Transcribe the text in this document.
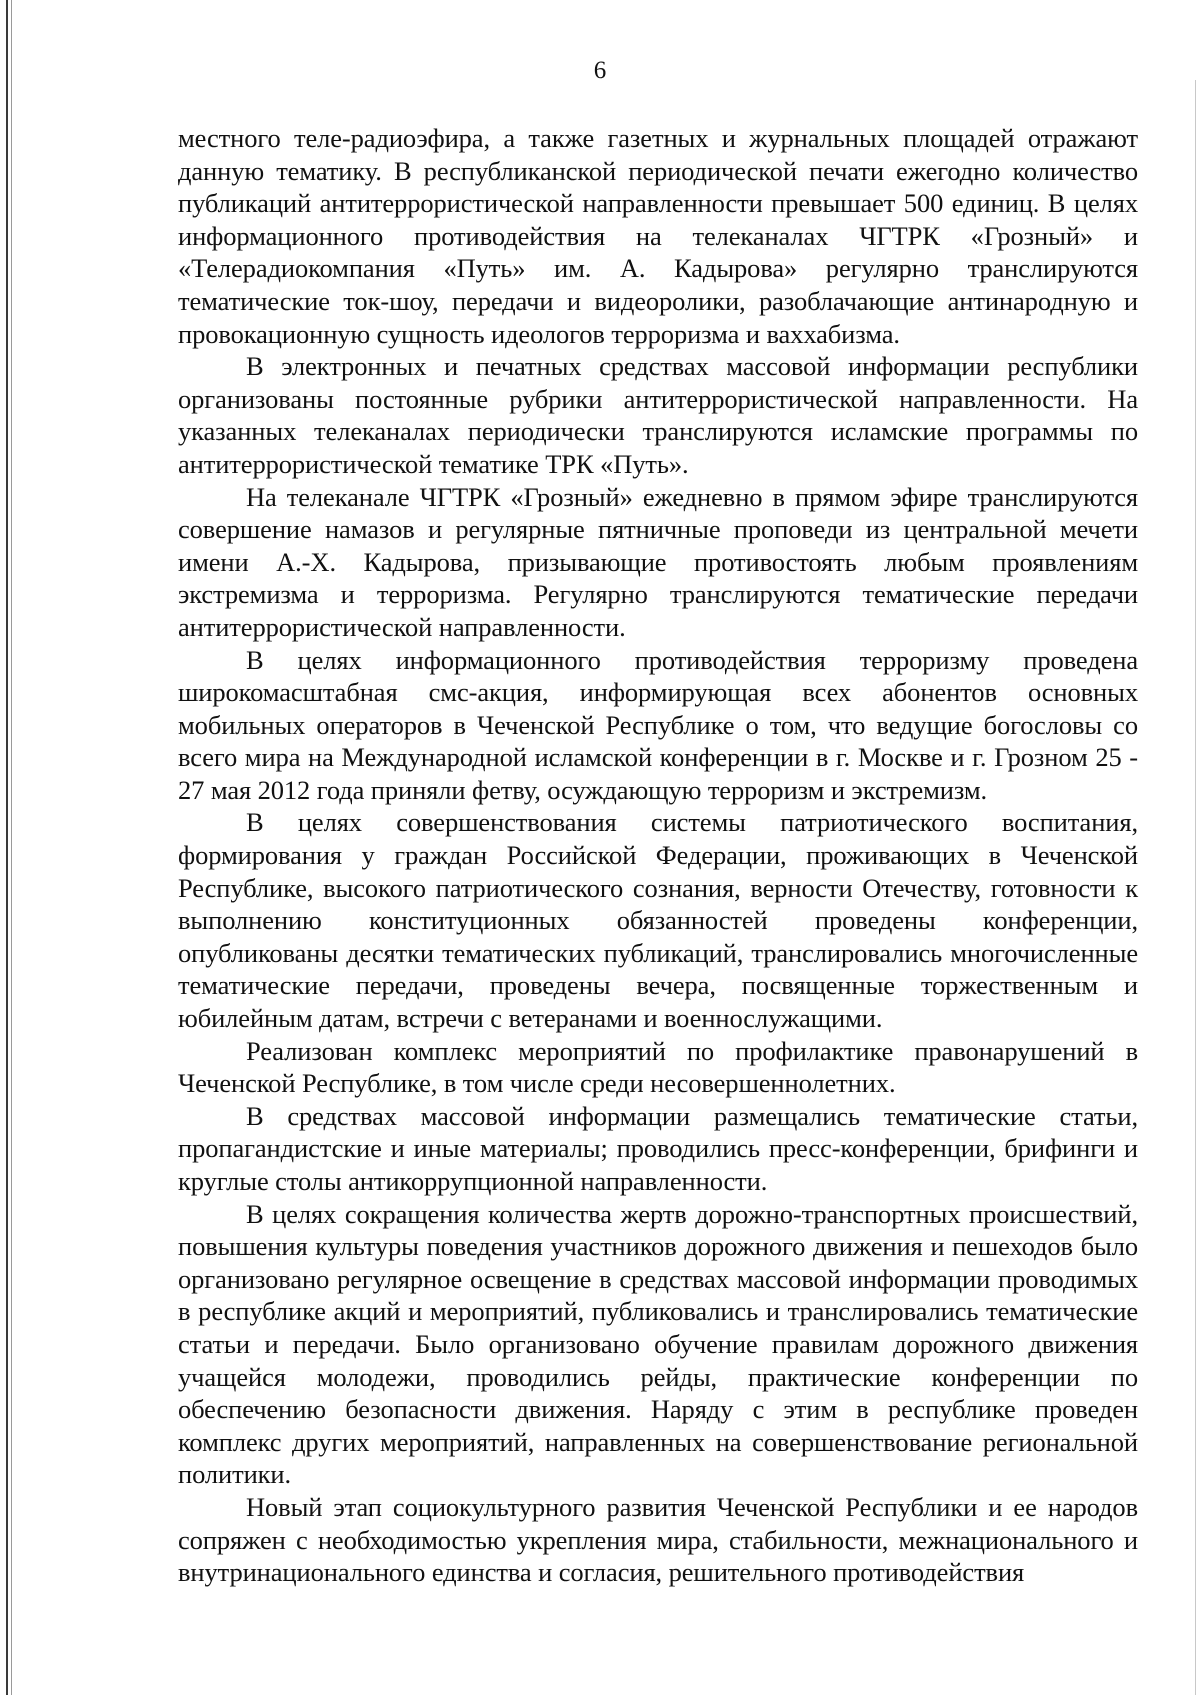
6

местного теле-радиоэфира, а также газетных и журнальных площадей отражают данную тематику. В республиканской периодической печати ежегодно количество публикаций антитеррористической направленности превышает 500 единиц. В целях информационного противодействия на телеканалах ЧГТРК «Грозный» и «Телерадиокомпания «Путь» им. А. Кадырова» регулярно транслируются тематические ток-шоу, передачи и видеоролики, разоблачающие антинародную и провокационную сущность идеологов терроризма и ваххабизма.

В электронных и печатных средствах массовой информации республики организованы постоянные рубрики антитеррористической направленности. На указанных телеканалах периодически транслируются исламские программы по антитеррористической тематике ТРК «Путь».

На телеканале ЧГТРК «Грозный» ежедневно в прямом эфире транслируются совершение намазов и регулярные пятничные проповеди из центральной мечети имени А.-Х. Кадырова, призывающие противостоять любым проявлениям экстремизма и терроризма. Регулярно транслируются тематические передачи антитеррористической направленности.

В целях информационного противодействия терроризму проведена широкомасштабная смс-акция, информирующая всех абонентов основных мобильных операторов в Чеченской Республике о том, что ведущие богословы со всего мира на Международной исламской конференции в г. Москве и г. Грозном 25 - 27 мая 2012 года приняли фетву, осуждающую терроризм и экстремизм.

В целях совершенствования системы патриотического воспитания, формирования у граждан Российской Федерации, проживающих в Чеченской Республике, высокого патриотического сознания, верности Отечеству, готовности к выполнению конституционных обязанностей проведены конференции, опубликованы десятки тематических публикаций, транслировались многочисленные тематические передачи, проведены вечера, посвященные торжественным и юбилейным датам, встречи с ветеранами и военнослужащими.

Реализован комплекс мероприятий по профилактике правонарушений в Чеченской Республике, в том числе среди несовершеннолетних.

В средствах массовой информации размещались тематические статьи, пропагандистские и иные материалы; проводились пресс-конференции, брифинги и круглые столы антикоррупционной направленности.

В целях сокращения количества жертв дорожно-транспортных происшествий, повышения культуры поведения участников дорожного движения и пешеходов было организовано регулярное освещение в средствах массовой информации проводимых в республике акций и мероприятий, публиковались и транслировались тематические статьи и передачи. Было организовано обучение правилам дорожного движения учащейся молодежи, проводились рейды, практические конференции по обеспечению безопасности движения. Наряду с этим в республике проведен комплекс других мероприятий, направленных на совершенствование региональной политики.

Новый этап социокультурного развития Чеченской Республики и ее народов сопряжен с необходимостью укрепления мира, стабильности, межнационального и внутринационального единства и согласия, решительного противодействия
